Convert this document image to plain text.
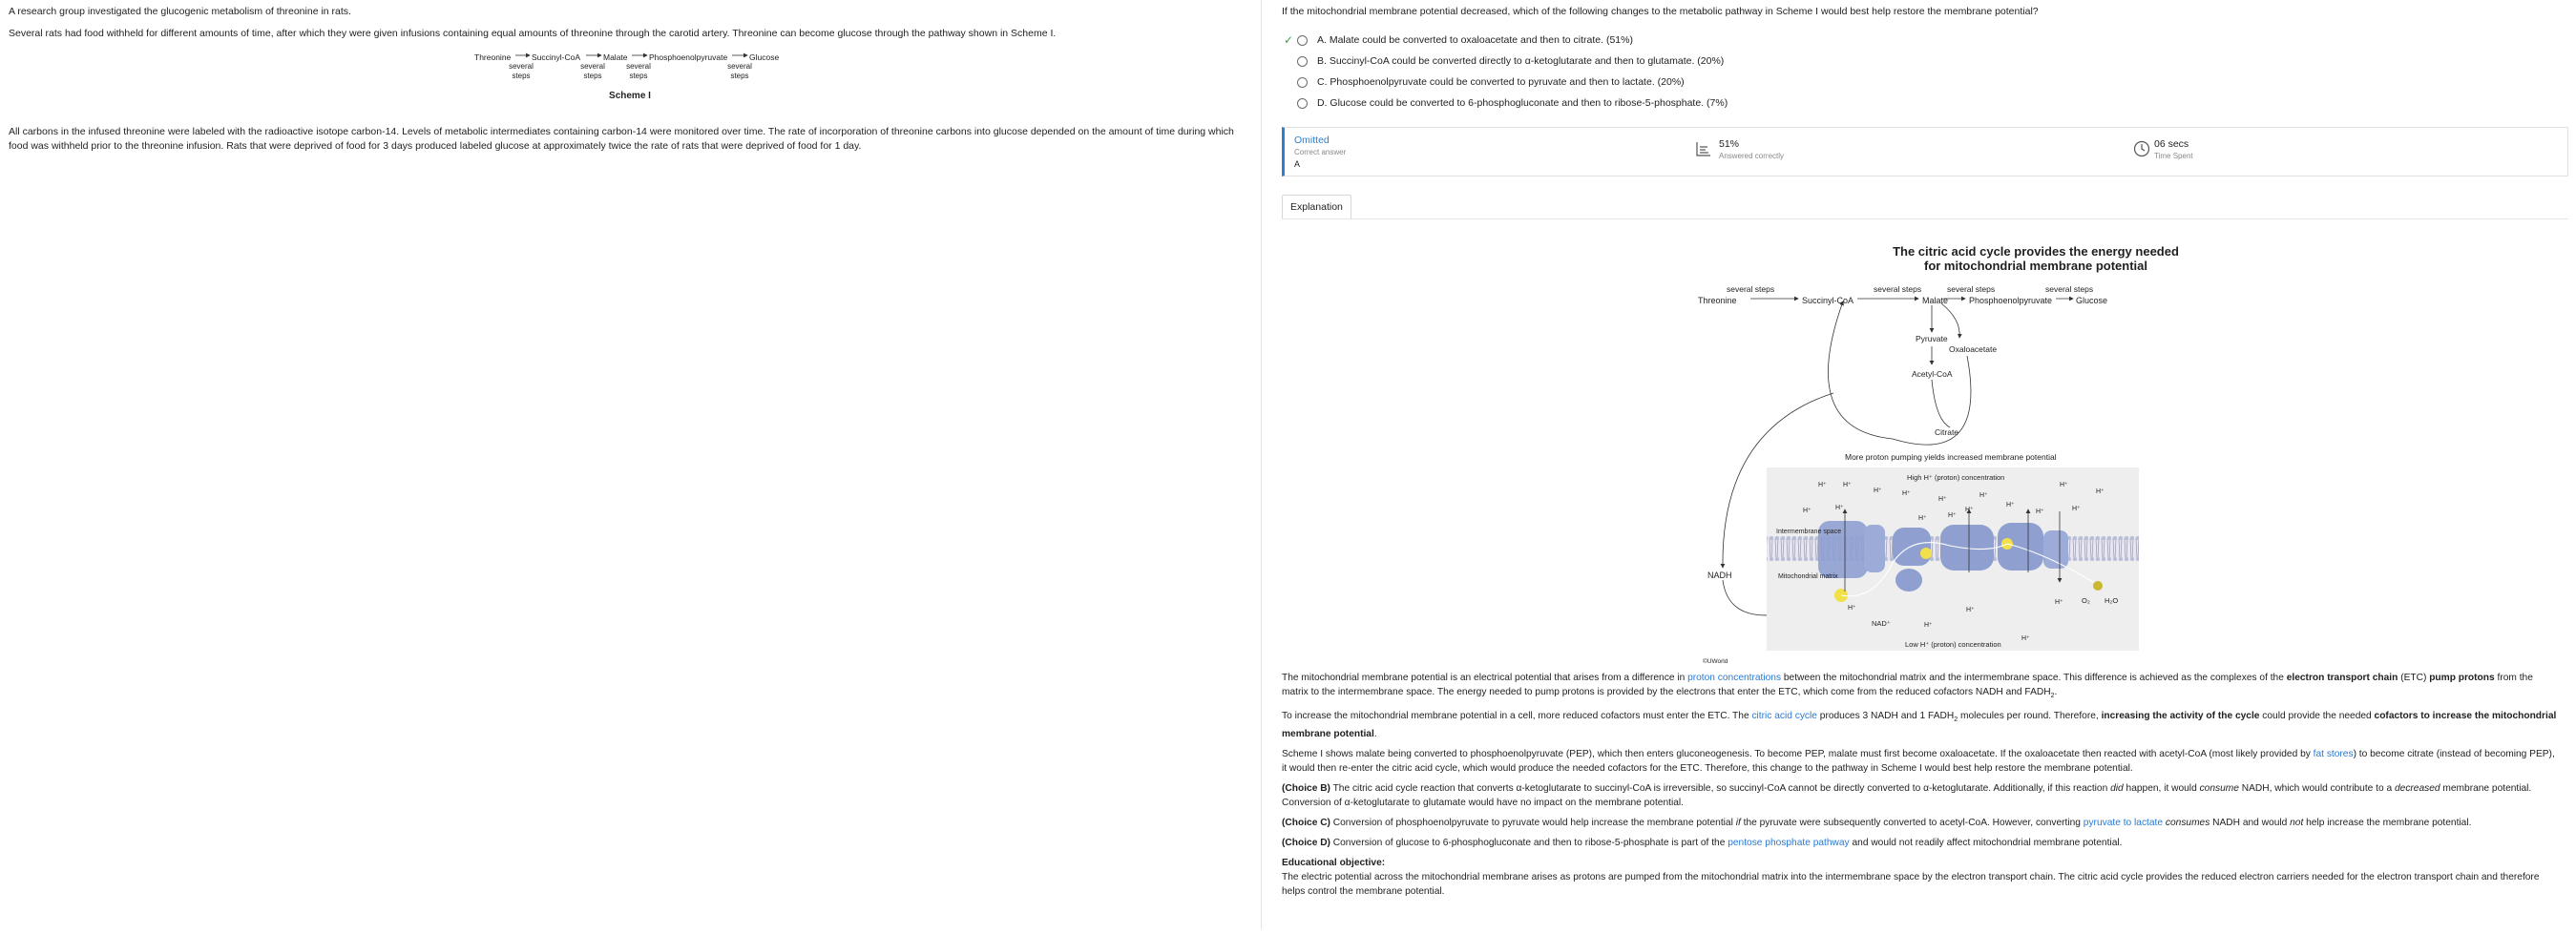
A research group investigated the glucogenic metabolism of threonine in rats.

Several rats had food withheld for different amounts of time, after which they were given infusions containing equal amounts of threonine through the carotid artery. Threonine can become glucose through the pathway shown in Scheme I.

Threonine	Succinyl-CoA	Malate	Phosphoenolpyruvate	Glucose
several steps
several steps
several steps
several steps
Scheme I

All carbons in the infused threonine were labeled with the radioactive isotope carbon-14. Levels of metabolic intermediates containing carbon-14 were monitored over time. The rate of incorporation of threonine carbons into glucose depended on the amount of time during which food was withheld prior to the threonine infusion. Rats that were deprived of food for 3 days produced labeled glucose at approximately twice the rate of rats that were deprived of food for 1 day.

If the mitochondrial membrane potential decreased, which of the following changes to the metabolic pathway in Scheme I would best help restore the membrane potential?
✓ A. Malate could be converted to oxaloacetate and then to citrate. (51%)
B. Succinyl-CoA could be converted directly to α-ketoglutarate and then to glutamate. (20%)
C. Phosphoenolpyruvate could be converted to pyruvate and then to lactate. (20%)
D. Glucose could be converted to 6-phosphogluconate and then to ribose-5-phosphate. (7%)
Omitted
Correct answer
A
51%
Answered correctly
06 secs
Time Spent
Explanation
The citric acid cycle provides the energy needed
for mitochondrial membrane potential
Threonine	Succinyl-CoA	Malate Phosphoenolpyruvate	Glucose
several steps	several steps	several steps	several steps
Pyruvate
Oxaloacetate
Acetyl-CoA
Citrate
NADH
More proton pumping yields increased membrane potential
High H⁺ (proton) concentration
Low H⁺ (proton) concentration
Intermembrane space
Mitochondrial matrix
NAD⁺
O₂ H₂O
©UWorld
H⁺ H⁺
H⁺
H⁺
H⁺
H⁺
H⁺
H⁺
H⁺
H⁺
H⁺
H⁺
H⁺	H⁺
H⁺
H⁺
H⁺
H⁺
H⁺
H⁺
H⁺

The mitochondrial membrane potential is an electrical potential that arises from a difference in proton concentrations between the mitochondrial matrix and the intermembrane space. This difference is achieved as the complexes of the electron transport chain (ETC) pump protons from the matrix to the intermembrane space. The energy needed to pump protons is provided by the electrons that enter the ETC, which come from the reduced cofactors NADH and $FADH_2$.

To increase the mitochondrial membrane potential in a cell, more reduced cofactors must enter the ETC. The citric acid cycle produces 3 NADH and 1 $FADH_2$ molecules per round. Therefore, increasing the activity of the cycle could provide the needed cofactors to increase the mitochondrial membrane potential.

Scheme I shows malate being converted to phosphoenolpyruvate (PEP), which then enters gluconeogenesis. To become PEP, malate must first become oxaloacetate. If the oxaloacetate then reacted with acetyl-CoA (most likely provided by fat stores) to become citrate (instead of becoming PEP), it would then re-enter the citric acid cycle, which would produce the needed cofactors for the ETC. Therefore, this change to the pathway in Scheme I would best help restore the membrane potential.

(Choice B) The citric acid cycle reaction that converts α-ketoglutarate to succinyl-CoA is irreversible, so succinyl-CoA cannot be directly converted to α-ketoglutarate. Additionally, if this reaction did happen, it would consume NADH, which would contribute to a decreased membrane potential. Conversion of α-ketoglutarate to glutamate would have no impact on the membrane potential.

(Choice C) Conversion of phosphoenolpyruvate to pyruvate would help increase the membrane potential if the pyruvate were subsequently converted to acetyl-CoA. However, converting pyruvate to lactate consumes NADH and would not help increase the membrane potential.

(Choice D) Conversion of glucose to 6-phosphogluconate and then to ribose-5-phosphate is part of the pentose phosphate pathway and would not readily affect mitochondrial membrane potential.

Educational objective:
The electric potential across the mitochondrial membrane arises as protons are pumped from the mitochondrial matrix into the intermembrane space by the electron transport chain. The citric acid cycle provides the reduced electron carriers needed for the electron transport chain and therefore helps control the membrane potential.
